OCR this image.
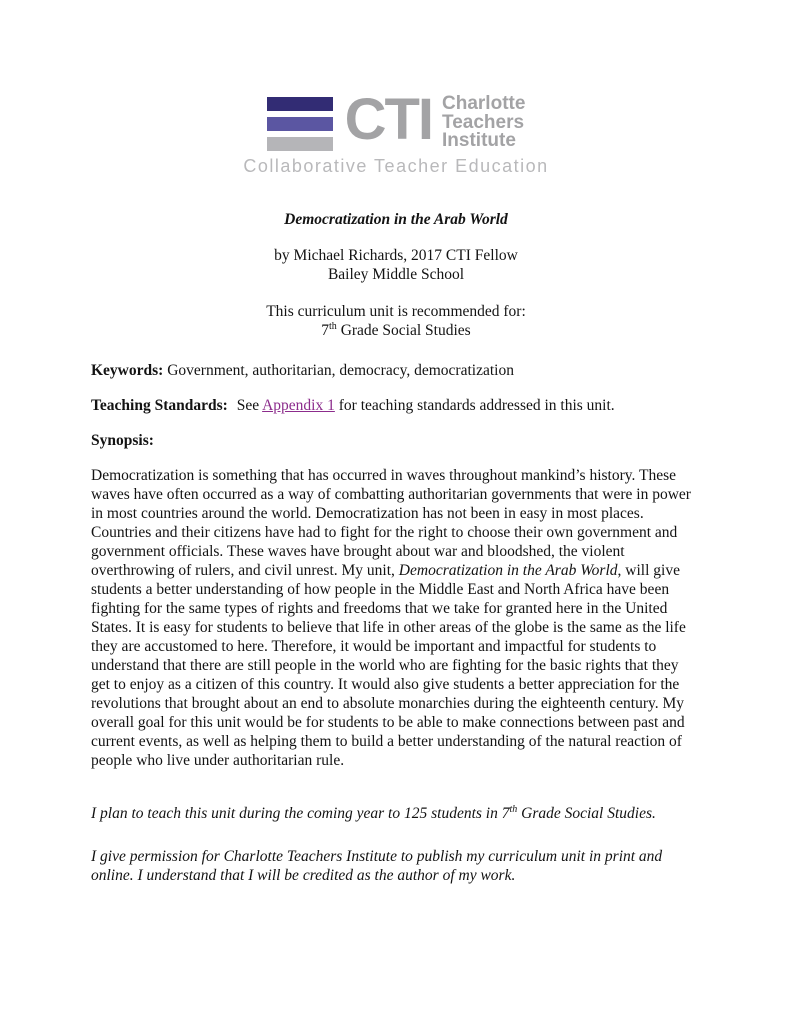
CTI Charlotte
Teachers
Institute
Collaborative Teacher Education
Democratization in the Arab World
by Michael Richards, 2017 CTI Fellow
Bailey Middle School
This curriculum unit is recommended for:
7th Grade Social Studies
Keywords: Government, authoritarian, democracy, democratization
Teaching Standards: See Appendix 1 for teaching standards addressed in this unit.
Synopsis:
Democratization is something that has occurred in waves throughout mankind’s history. These waves have often occurred as a way of combatting authoritarian governments that were in power in most countries around the world. Democratization has not been in easy in most places. Countries and their citizens have had to fight for the right to choose their own government and government officials. These waves have brought about war and bloodshed, the violent overthrowing of rulers, and civil unrest. My unit, Democratization in the Arab World, will give students a better understanding of how people in the Middle East and North Africa have been fighting for the same types of rights and freedoms that we take for granted here in the United States. It is easy for students to believe that life in other areas of the globe is the same as the life they are accustomed to here. Therefore, it would be important and impactful for students to understand that there are still people in the world who are fighting for the basic rights that they get to enjoy as a citizen of this country. It would also give students a better appreciation for the revolutions that brought about an end to absolute monarchies during the eighteenth century. My overall goal for this unit would be for students to be able to make connections between past and current events, as well as helping them to build a better understanding of the natural reaction of people who live under authoritarian rule.
I plan to teach this unit during the coming year to 125 students in 7th Grade Social Studies.
I give permission for Charlotte Teachers Institute to publish my curriculum unit in print and online. I understand that I will be credited as the author of my work.
